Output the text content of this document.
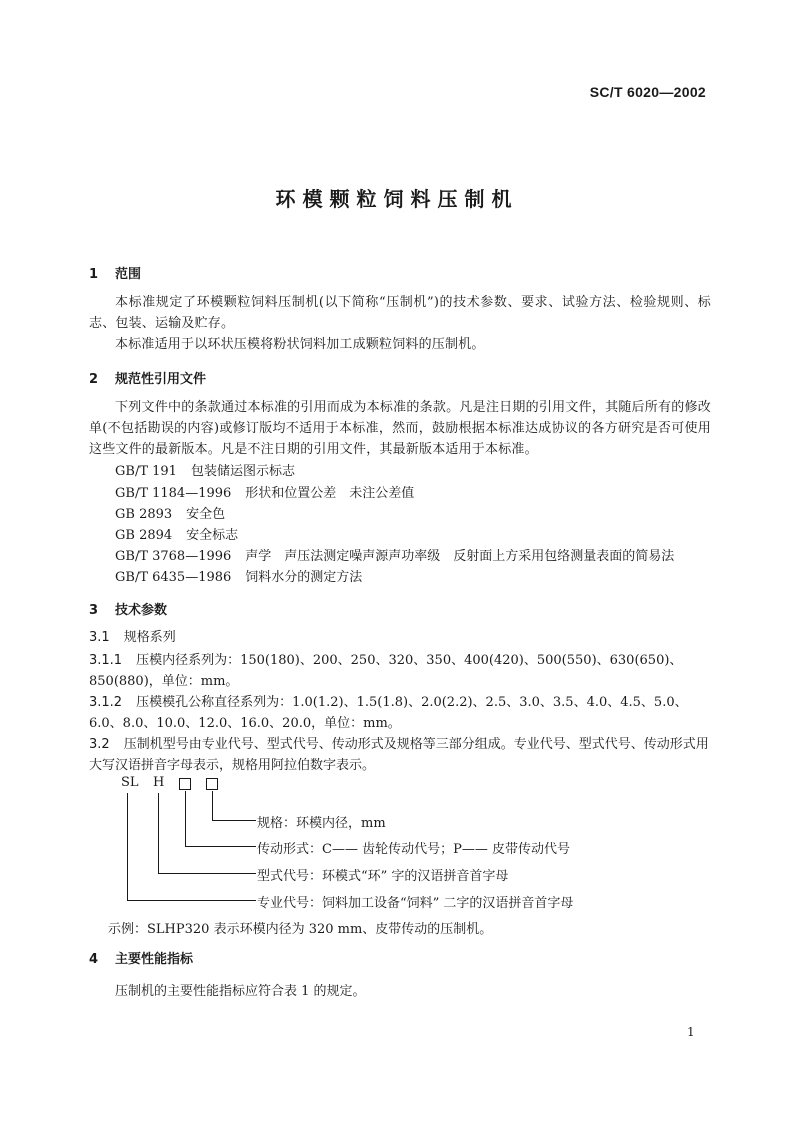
SC/T 6020—2002
环模颗粒饲料压制机
1 范围
本标准规定了环模颗粒饲料压制机(以下简称“压制机”)的技术参数、要求、试验方法、检验规则、标志、包装、运输及贮存。
本标准适用于以环状压模将粉状饲料加工成颗粒饲料的压制机。
2 规范性引用文件
下列文件中的条款通过本标准的引用而成为本标准的条款。凡是注日期的引用文件，其随后所有的修改单(不包括勘误的内容)或修订版均不适用于本标准，然而，鼓励根据本标准达成协议的各方研究是否可使用这些文件的最新版本。凡是不注日期的引用文件，其最新版本适用于本标准。
GB/T 191 包装储运图示标志
GB/T 1184—1996 形状和位置公差　未注公差值
GB 2893 安全色
GB 2894 安全标志
GB/T 3768—1996 声学　声压法测定噪声源声功率级　反射面上方采用包络测量表面的简易法
GB/T 6435—1986 饲料水分的测定方法
3 技术参数
3.1 规格系列
3.1.1 压模内径系列为：150(180)、200、250、320、350、400(420)、500(550)、630(650)、850(880)，单位：mm。
3.1.2 压模模孔公称直径系列为：1.0(1.2)、1.5(1.8)、2.0(2.2)、2.5、3.0、3.5、4.0、4.5、5.0、6.0、8.0、10.0、12.0、16.0、20.0，单位：mm。
3.2 压制机型号由专业代号、型式代号、传动形式及规格等三部分组成。专业代号、型式代号、传动形式用大写汉语拼音字母表示，规格用阿拉伯数字表示。
SL H
规格：环模内径，mm
传动形式：C—— 齿轮传动代号；P—— 皮带传动代号
型式代号：环模式“环” 字的汉语拼音首字母
专业代号：饲料加工设备“饲料” 二字的汉语拼音首字母
示例：SLHP320 表示环模内径为 320 mm、皮带传动的压制机。
4 主要性能指标
压制机的主要性能指标应符合表 1 的规定。
1
